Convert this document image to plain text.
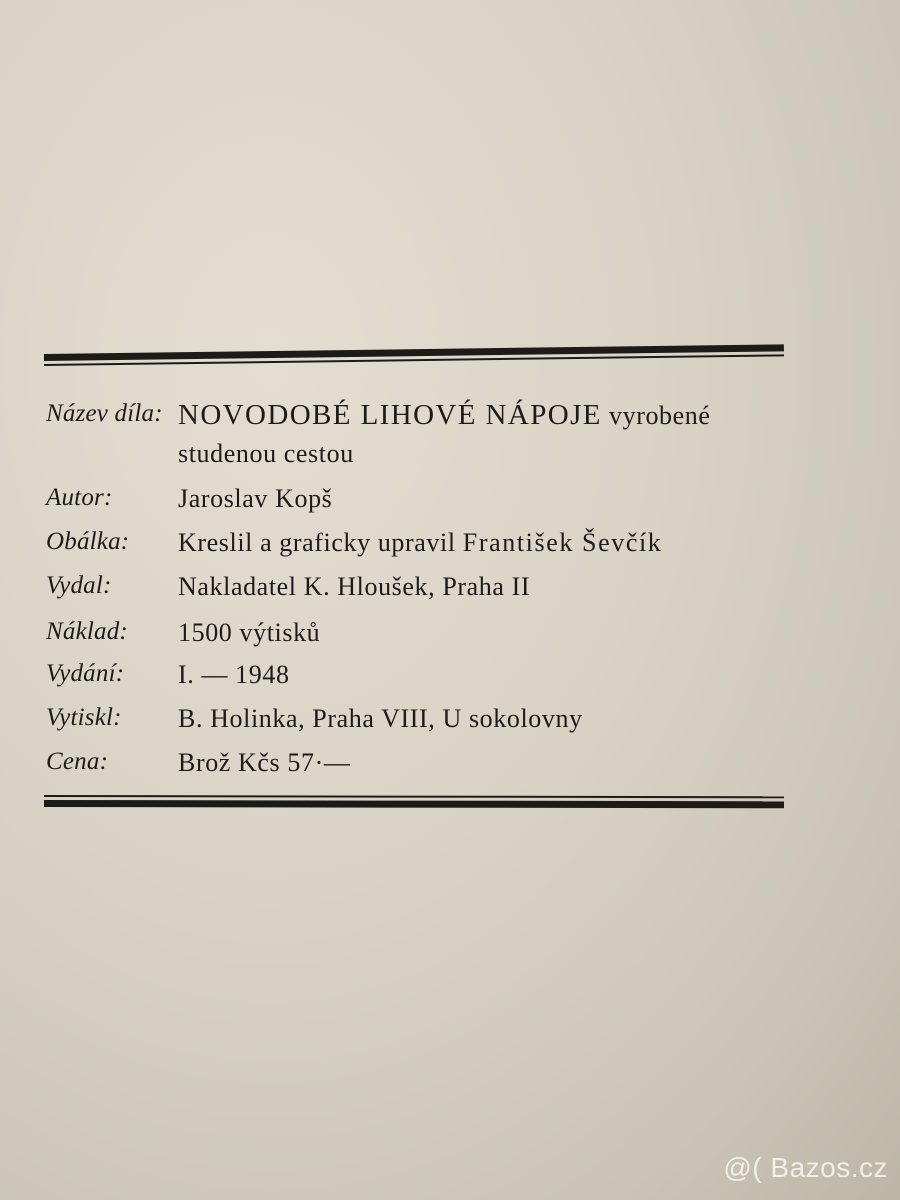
Název díla: NOVODOBÉ LIHOVÉ NÁPOJE vyrobené
studenou cestou
Autor:	Jaroslav Kopš
Obálka:	Kreslil a graficky upravil František Ševčík
Vydal:	Nakladatel K. Hloušek, Praha II
Náklad:	1500 výtisků
Vydání:	I. — 1948
Vytiskl:	B. Holinka, Praha VIII, U sokolovny
Cena:	Brož Kčs 57·—
@( Bazos.cz
